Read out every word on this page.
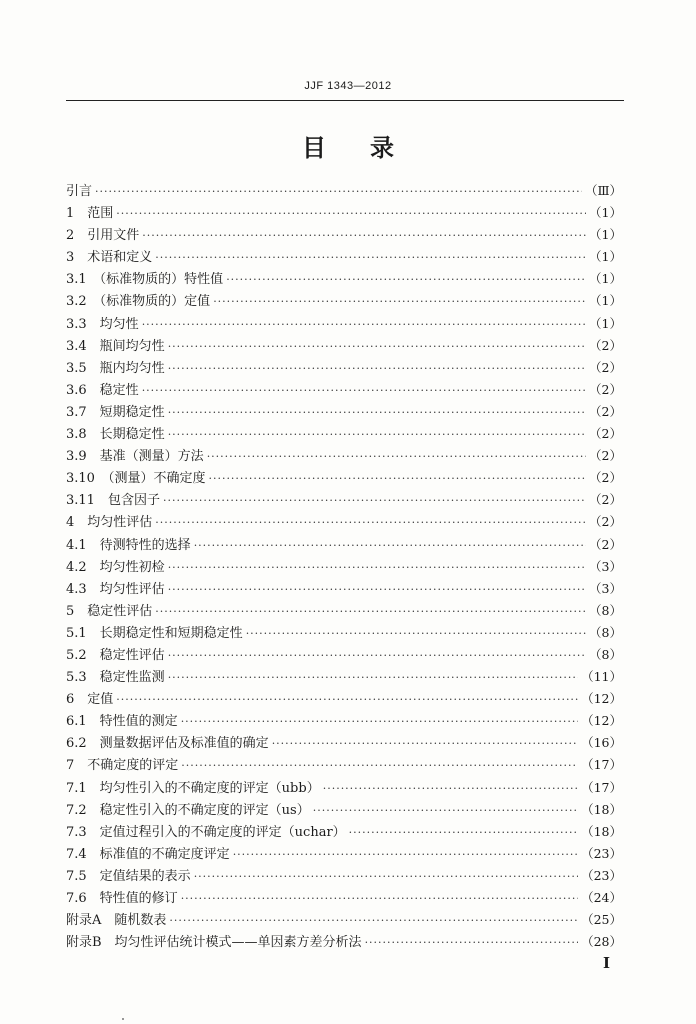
JJF 1343—2012
目录
引言 ·····	（Ⅲ）
1　范围 ·····	（1）
2　引用文件 ·····	（1）
3　术语和定义 ·····	（1）
3.1　（标准物质的）特性值 ·····	（1）
3.2　（标准物质的）定值 ·····	（1）
3.3　均匀性 ·····	（1）
3.4　瓶间均匀性 ·····	（2）
3.5　瓶内均匀性 ·····	（2）
3.6　稳定性 ·····	（2）
3.7　短期稳定性 ·····	（2）
3.8　长期稳定性 ·····	（2）
3.9　基准（测量）方法 ·····	（2）
3.10　（测量）不确定度 ·····	（2）
3.11　包含因子 ·····	（2）
4　均匀性评估 ·····	（2）
4.1　待测特性的选择 ·····	（2）
4.2　均匀性初检 ·····	（3）
4.3　均匀性评估 ·····	（3）
5　稳定性评估 ·····	（8）
5.1　长期稳定性和短期稳定性 ·····	（8）
5.2　稳定性评估 ·····	（8）
5.3　稳定性监测 ·····	（11）
6　定值 ·····	（12）
6.1　特性值的测定 ·····	（12）
6.2　测量数据评估及标准值的确定 ·····	（16）
7　不确定度的评定 ·····	（17）
7.1　均匀性引入的不确定度的评定（ubb） ·····	（17）
7.2　稳定性引入的不确定度的评定（us） ·····	（18）
7.3　定值过程引入的不确定度的评定（uchar） ·····	（18）
7.4　标准值的不确定度评定 ·····	（23）
7.5　定值结果的表示 ·····	（23）
7.6　特性值的修订 ·····	（24）
附录A　随机数表 ·····	（25）
附录B　均匀性评估统计模式——单因素方差分析法 ·····	（28）
I
